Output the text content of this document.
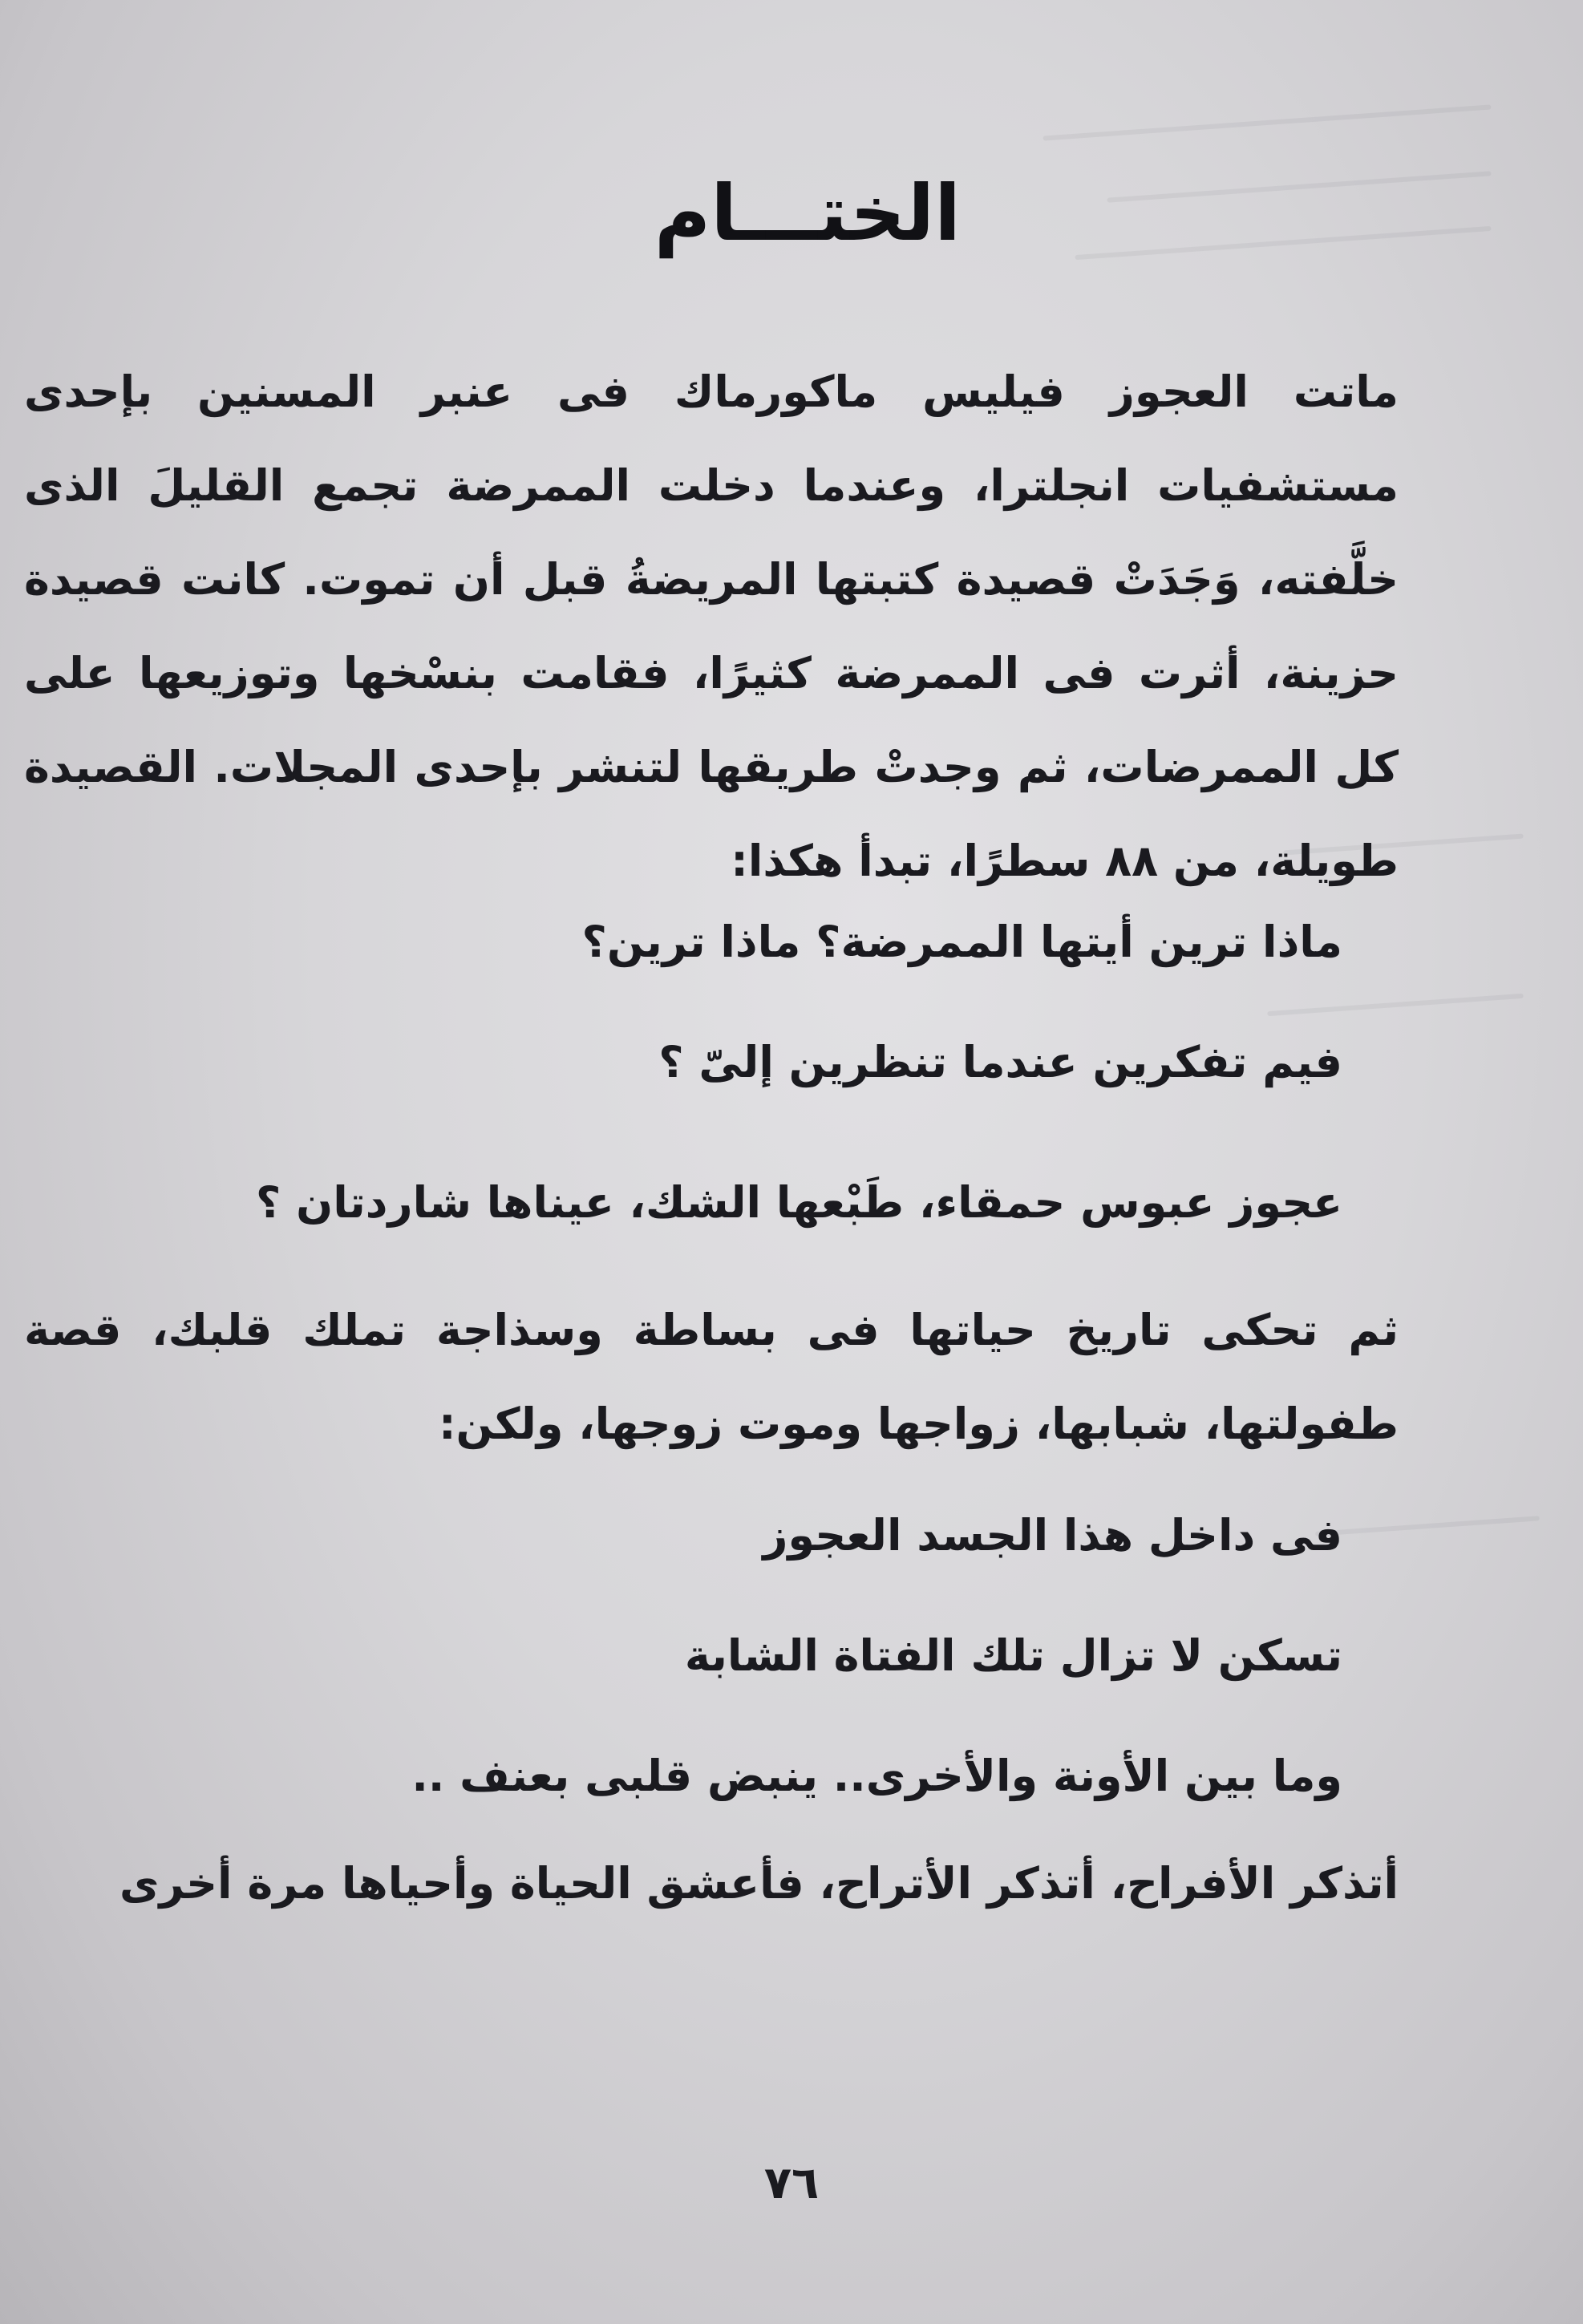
الختـــام
ماتت العجوز فيليس ماكورماك فى عنبر المسنين بإحدى مستشفيات انجلترا، وعندما دخلت الممرضة تجمع القليلَ الذى خلَّفته، وَجَدَتْ قصيدة كتبتها المريضةُ قبل أن تموت. كانت قصيدة حزينة، أثرت فى الممرضة كثيرًا، فقامت بنسْخها وتوزيعها على كل الممرضات، ثم وجدتْ طريقها لتنشر بإحدى المجلات. القصيدة طويلة، من ٨٨ سطرًا، تبدأ هكذا:
ماذا ترين أيتها الممرضة؟ ماذا ترين؟
فيم تفكرين عندما تنظرين إلىّ ؟
عجوز عبوس حمقاء، طَبْعها الشك، عيناها شاردتان ؟
ثم تحكى تاريخ حياتها فى بساطة وسذاجة تملك قلبك، قصة طفولتها، شبابها، زواجها وموت زوجها، ولكن:
فى داخل هذا الجسد العجوز
تسكن لا تزال تلك الفتاة الشابة
وما بين الأونة والأخرى.. ينبض قلبى بعنف ..
أتذكر الأفراح، أتذكر الأتراح، فأعشق الحياة وأحياها مرة أخرى
٧٦
